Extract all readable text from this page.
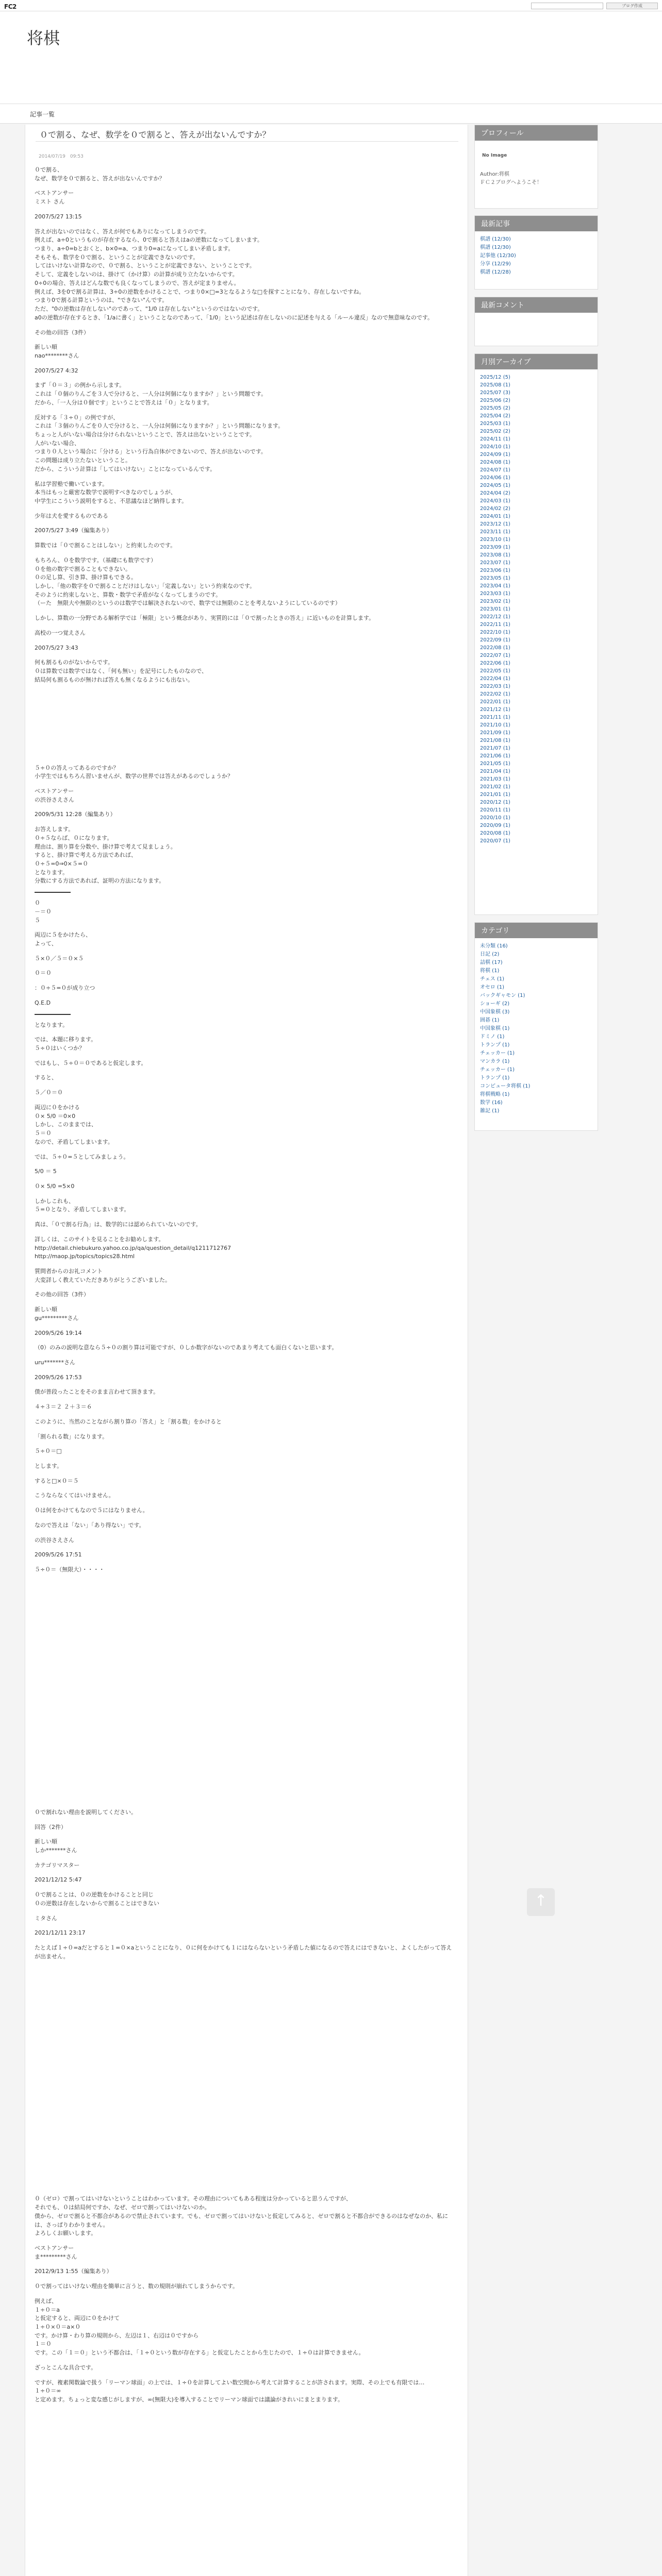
FC2	ブログ作成
将棋
記事一覧
０で割る、なぜ、数学を０で割ると、答えが出ないんですか？
2014/07/19　09:53
０で割る、
なぜ、数学を０で割ると、答えが出ないんですか？
ベストアンサー
ミスト さん
2007/5/27 13:15
答えが出ないのではなく、答えが何でもありになってしまうのです。
例えば、a÷0というものが存在するなら、0で割ると答えはaの逆数になってしまいます。
つまり、a÷0=bとおくと、b×0=a、つまり0=aになってしまい矛盾します。
そもそも、数学を０で割る、ということが定義できないのです。
してはいけない計算なので、０で割る、ということが定義できない、ということです。
そして、定義をしないのは、掛けて（かけ算）の計算が成り立たないからです。
0÷0の場合、答えはどんな数でも良くなってしまうので、答えが定まりません。
例えば、3を0で割る計算は、3÷0の逆数をかけることで、つまり0×□=3となるような□を探すことになり、存在しないですね。
つまり0で割る計算というのは、"できない"んです。
ただ、"0の逆数は存在しない"のであって、"1/0 は存在しない"というのではないのです。
a0の逆数が存在するとき、「1/aに書く」ということなのであって、「1/0」という記述は存在しないのに記述を与える「ルール違反」なので無意味なのです。
その他の回答（3件）
新しい順
nao********さん
2007/5/27 4:32
まず「０＝３」の例から示します。
これは「０個のりんごを３人で分けると、一人分は何個になりますか？」という問題です。
だから、「一人分は０個です」ということで答えは「０」となります。
反対する「３÷０」の例ですが、
これは「３個のりんごを０人で分けると、一人分は何個になりますか？」という問題になります。
ちょっと人がいない場合は分けられないということで、答えは出ないということです。
人がいない場合、
つまり０人という場合に「分ける」という行為自体ができないので、答えが出ないのです。
この問題は成り立たないということ。
だから、こういう計算は「してはいけない」ことになっているんです。
私は学習塾で働いています。
本当はもっと厳密な数学で説明すべきなのでしょうが、
中学生にこういう説明をすると、不思議なほど納得します。
少年は犬を愛するものである
2007/5/27 3:49（編集あり）
算数では「０で割ることはしない」と約束したのです。
もちろん、０を数学です。（基礎にも数学です）
０を他の数字で割ることもできない。
０の足し算、引き算、掛け算もできる。
しかし、「他の数字を０で割ることだけはしない」「定義しない」という約束なのです。
そのように約束しないと、算数・数学で矛盾がなくなってしまうのです。
（ーた　無限大や無限のというのは数学では解決されないので、数学では無限のことを考えないようにしているのです）
しかし、算数の一分野である解析学では「極限」という概念があり、実質的には「０で割ったときの答え」に近いものを計算します。
高校の一つ覚えさん
2007/5/27 3:43
何も割るものがないからです。
０は算数では数学ではなく、「何も無い」を記号にしたものなので、
結局何も割るものが無ければ答えも無くなるようにも出ない。
５÷０の答えってあるのですか？
小学生ではもちろん習いませんが、数学の世界では答えがあるのでしょうか？
ベストアンサー
の渋谷さえさん
2009/5/31 12:28（編集あり）
お答えします。
０÷５ならば、０になります。
理由は、割り算を分数や、掛け算で考えて見ましょう。
すると、掛け算で考える方法であれば、
０÷５=0⇒0×５=０
となります。
分数にする方法であれば、証明の方法になります。
０
－＝０
５
両辺に５をかけたら、
よって、
５×０／５＝０×５
０＝０
：０÷５=０が成り立つ
Q.E.D
となります。
では、本題に移ります。
５÷０はいくつか？
ではもし、５÷０＝０であると仮定します。
すると、
５／０＝０
両辺に０をかける
０× 5/0 ＝0×0
しかし、このままでは、
５＝０
なので、矛盾してしまいます。
では、５÷０=５としてみましょう。
5/0 ＝ 5
０× 5/0 =5×0
しかしこれも、
５=０となり、矛盾してしまいます。
真は、「０で割る行為」は、数学的には認められていないのです。
詳しくは、このサイトを見ることをお勧めします。
http://detail.chiebukuro.yahoo.co.jp/qa/question_detail/q1211712767
http://maop.jp/topics/topics28.html
質問者からのお礼コメント
大変詳しく教えていただきありがとうございました。
その他の回答（3件）
新しい順
gu*********さん
2009/5/26 19:14
（0）のみの説明な意なら５÷０の割り算は可能ですが、０しか数字がないのであまり考えても面白くないと思います。
uru*******さん
2009/5/26 17:53
僕が普段ったことをそのまま言わせて頂きます。
４÷３＝２ ２＋３＝６
このように、当然のことながら割り算の「答え」と「割る数」をかけると
「割られる数」になります。
５÷０＝□
とします。
すると□×０＝５
こうならなくてはいけません。
０は何をかけてもなので５にはなりません。
なので答えは「ない」「あり得ない」です。
の渋谷さえさん
2009/5/26 17:51
５÷０＝（無限大）・・・・
０で割れない理由を説明してください。
回答（2件）
新しい順
しか*******さん
カテゴリマスター
2021/12/12 5:47
０で割ることは、０の逆数をかけることと同じ
０の逆数は存在しないからで割ることはできない
ミタさん
2021/12/11 23:17
たとえば１÷０=aだとすると１=０×aということになり、０に何をかけても１にはならないという矛盾した値になるので答えにはできないと、よくしたがって答えが出ません。
０（ゼロ）で割ってはいけないということはわかっています。その理由についてもある程度は分かっていると思うんですが、
それでも、０は結局何ですか、なぜ、ゼロで割ってはいけないのか。
僕から、ゼロで割ると不都合があるので禁止されています。でも、ゼロで割ってはいけないと仮定してみると、ゼロで割ると不都合ができるのはなぜなのか、私には、さっぱりわかりません。
よろしくお願いします。
ベストアンサー
ま*********さん
2012/9/13 1:55（編集あり）
０で割ってはいけない理由を簡単に言うと、数の規則が崩れてしまうからです。
例えば、
１÷０＝a
と仮定すると、両辺に０をかけて
１÷０×０＝a×０
です。かけ算・わり算の規則から、左辺は１、右辺は０ですから
１＝０
です。この「１＝０」という不都合は、「１÷０という数が存在する」と仮定したことから生じたので、１÷０は計算できません。
ざっとこんな具合です。
ですが、複素関数論で扱う「リーマン球面」の上では、１÷０を計算してよい数空間から考えて計算することが許されます。実際、その上でも有限では…
１÷０＝∞
と定めます。ちょっと変な感じがしますが、∞(無限大)を導入することでリーマン球面では議論がきれいにまとまります。
プロフィール
No Image
Author:将棋
ＦＣ２ブログへようこそ！
最新記事
棋譜 (12/30)
棋譜 (12/30)
記事他 (12/30)
分享 (12/29)
棋譜 (12/28)
最新コメント
月別アーカイブ
2025/12 (5)
2025/08 (1)
2025/07 (3)
2025/06 (2)
2025/05 (2)
2025/04 (2)
2025/03 (1)
2025/02 (2)
2024/11 (1)
2024/10 (1)
2024/09 (1)
2024/08 (1)
2024/07 (1)
2024/06 (1)
2024/05 (1)
2024/04 (2)
2024/03 (1)
2024/02 (2)
2024/01 (1)
2023/12 (1)
2023/11 (1)
2023/10 (1)
2023/09 (1)
2023/08 (1)
2023/07 (1)
2023/06 (1)
2023/05 (1)
2023/04 (1)
2023/03 (1)
2023/02 (1)
2023/01 (1)
2022/12 (1)
2022/11 (1)
2022/10 (1)
2022/09 (1)
2022/08 (1)
2022/07 (1)
2022/06 (1)
2022/05 (1)
2022/04 (1)
2022/03 (1)
2022/02 (1)
2022/01 (1)
2021/12 (1)
2021/11 (1)
2021/10 (1)
2021/09 (1)
2021/08 (1)
2021/07 (1)
2021/06 (1)
2021/05 (1)
2021/04 (1)
2021/03 (1)
2021/02 (1)
2021/01 (1)
2020/12 (1)
2020/11 (1)
2020/10 (1)
2020/09 (1)
2020/08 (1)
2020/07 (1)
カテゴリ
未分類 (16)
日記 (2)
詰棋 (17)
将棋 (1)
チェス (1)
オセロ (1)
バックギャモン (1)
ショーギ (2)
中国象棋 (3)
囲碁 (1)
中国象棋 (1)
ドミノ (1)
トランプ (1)
チェッカー (1)
マンカラ (1)
チェッカー (1)
トランプ (1)
コンピュータ将棋 (1)
将棋戦略 (1)
数学 (16)
雑記 (1)
↑
